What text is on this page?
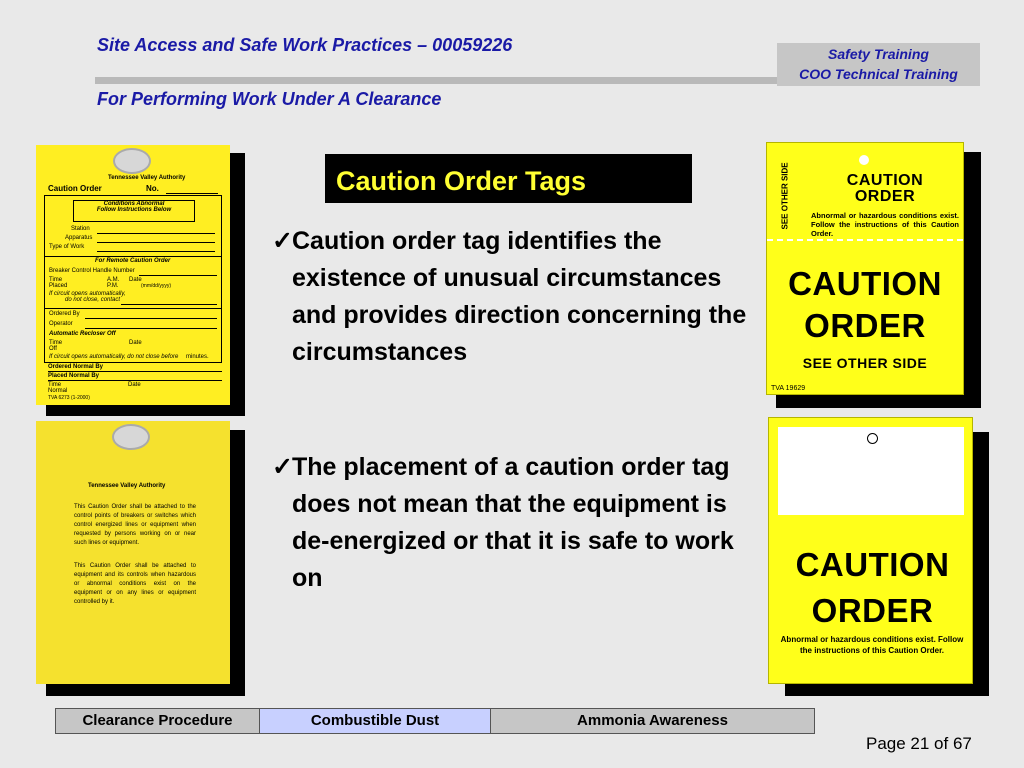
Site Access and Safe Work Practices – 00059226	Safety Training
COO Technical Training
For Performing Work Under A Clearance
Tennessee Valley Authority
Caution Order	No.
Conditions Abnormal
Follow Instructions Below
Station
Apparatus
Type of Work
For Remote Caution Order
Breaker Control Handle Number
Time
Placed
A.M.
P.M.
Date
(mm/dd/yyyy)
If circuit opens automatically,
do not close, contact
Ordered By
Operator
Automatic Recloser Off
Time
Off
Date
If circuit opens automatically, do not close before minutes.
Ordered Normal By
Placed Normal By
Time
Normal
Date
TVA 6273 (1-2000)
Tennessee Valley Authority
This Caution Order shall be attached to the control points of breakers or switches which control energized lines or equipment when requested by persons working on or near such lines or equipment.
This Caution Order shall be attached to equipment and its controls when hazardous or abnormal conditions exist on the equipment or on any lines or equipment controlled by it.
Caution Order Tags
✓ Caution order tag identifies the existence of unusual circumstances and provides direction concerning the circumstances
✓ The placement of a caution order tag does not mean that the equipment is de-energized or that it is safe to work on
SEE OTHER SIDE	CAUTION
ORDER
Abnormal or hazardous conditions exist. Follow the instructions of this Caution Order.
CAUTION
ORDER
SEE OTHER SIDE
TVA 19629
CAUTION
ORDER
Abnormal or hazardous conditions exist. Follow the instructions of this Caution Order.
Clearance Procedure	Combustible Dust	Ammonia Awareness
Page 21 of 67
